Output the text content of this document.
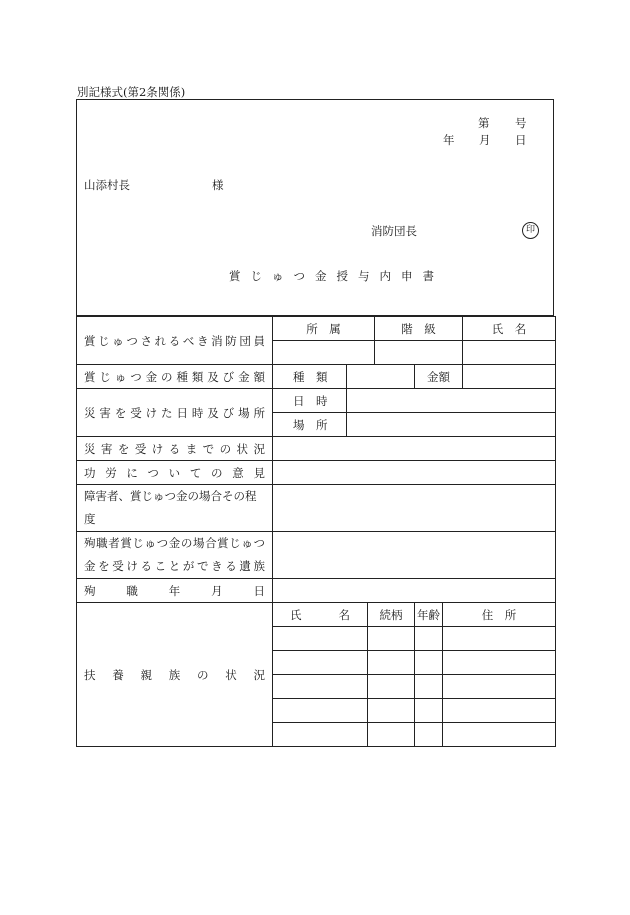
別記様式(第2条関係)
第 号
年 月 日
山添村長	様
消防団長	印
賞じゅつ金授与内申書
賞じゅつされるべき消防団員	所　属			階　級			氏　名

賞じゅつ金の種類及び金額	種　類				金額		
災害を受けた日時及び場所	日　時						
	場　所						
災害を受けるまでの状況							
功労についての意見							
障害者、賞じゅつ金の場合その程度							
殉職者賞じゅつ金の場合賞じゅつ金を受けることができる遺族							
殉職年月日							
扶養親族の状況	氏　名		続柄		年齢	住　所	
